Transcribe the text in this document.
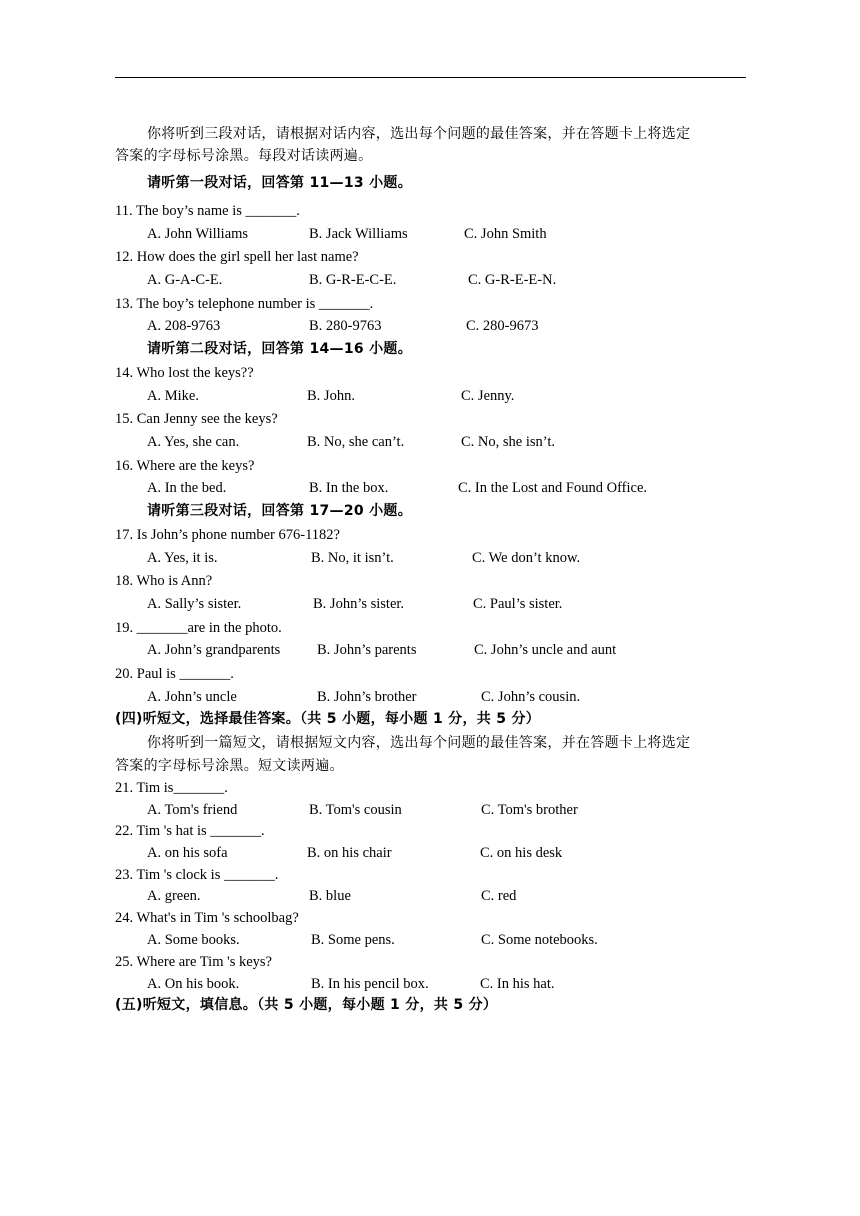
你将听到三段对话，请根据对话内容，选出每个问题的最佳答案，并在答题卡上将选定
答案的字母标号涂黑。每段对话读两遍。
请听第一段对话，回答第 11—13 小题。
11. The boy’s name is _______.
A. John Williams	B. Jack Williams	C. John Smith
12. How does the girl spell her last name?
A. G-A-C-E.	B. G-R-E-C-E.	C. G-R-E-E-N.
13. The boy’s telephone number is _______.
A. 208-9763	B. 280-9763	C. 280-9673
请听第二段对话，回答第 14—16 小题。
14. Who lost the keys??
A. Mike.	B. John.	C. Jenny.
15. Can Jenny see the keys?
A. Yes, she can.	B. No, she can’t.	C. No, she isn’t.
16. Where are the keys?
A. In the bed.	B. In the box.	C. In the Lost and Found Office.
请听第三段对话，回答第 17—20 小题。
17. Is John’s phone number 676-1182?
A. Yes, it is.	B. No, it isn’t.	C. We don’t know.
18. Who is Ann?
A. Sally’s sister.	B. John’s sister.	C. Paul’s sister.
19. _______are in the photo.
A. John’s grandparents	B. John’s parents	C. John’s uncle and aunt
20. Paul is _______.
A. John’s uncle	B. John’s brother	C. John’s cousin.
(四)听短文，选择最佳答案。（共 5 小题，每小题 1 分，共 5 分）
你将听到一篇短文，请根据短文内容，选出每个问题的最佳答案，并在答题卡上将选定
答案的字母标号涂黑。短文读两遍。
21. Tim is_______.
A. Tom's friend	B. Tom's cousin	C. Tom's brother
22. Tim 's hat is _______.
A. on his sofa	B. on his chair	C. on his desk
23. Tim 's clock is _______.
A. green.	B. blue	C. red
24. What's in Tim 's schoolbag?
A. Some books.	B. Some pens.	C. Some notebooks.
25. Where are Tim 's keys?
A. On his book.	B. In his pencil box.	C. In his hat.
(五)听短文，填信息。（共 5 小题，每小题 1 分，共 5 分）
